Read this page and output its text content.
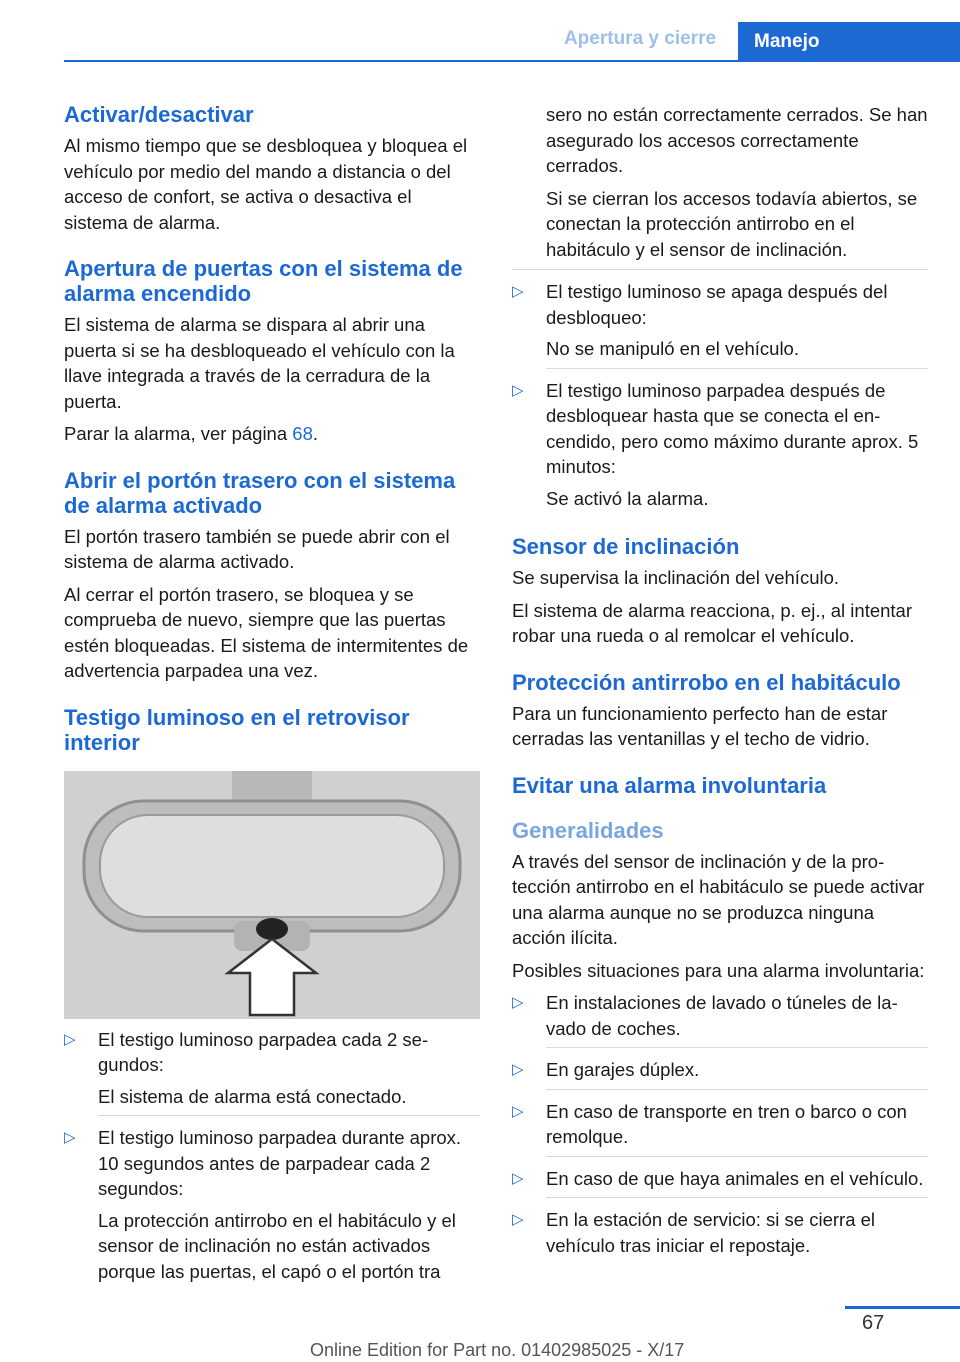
Apertura y cierre	Manejo
Activar/desactivar

Al mismo tiempo que se desbloquea y bloquea el vehículo por medio del mando a distancia o del acceso de confort, se activa o desactiva el sistema de alarma.

Apertura de puertas con el sistema de alarma encendido

El sistema de alarma se dispara al abrir una puerta si se ha desbloqueado el vehículo con la llave integrada a través de la cerradura de la puerta.

Parar la alarma, ver página 68.

Abrir el portón trasero con el sistema de alarma activado

El portón trasero también se puede abrir con el sistema de alarma activado.

Al cerrar el portón trasero, se bloquea y se comprueba de nuevo, siempre que las puertas estén bloqueadas. El sistema de intermitentes de advertencia parpadea una vez.

Testigo luminoso en el retrovisor interior
▷ El testigo luminoso parpadea cada 2 segundos:

El sistema de alarma está conectado.

▷ El testigo luminoso parpadea durante aprox. 10 segundos antes de parpadear cada 2 segundos:

La protección antirrobo en el habitáculo y el sensor de inclinación no están activados porque las puertas, el capó o el portón tra

sero no están correctamente cerrados. Se han asegurado los accesos correctamente cerrados.

Si se cierran los accesos todavía abiertos, se conectan la protección antirrobo en el habitáculo y el sensor de inclinación.

▷ El testigo luminoso se apaga después del desbloqueo:

No se manipuló en el vehículo.

▷ El testigo luminoso parpadea después de desbloquear hasta que se conecta el encendido, pero como máximo durante aprox. 5 minutos:

Se activó la alarma.

Sensor de inclinación

Se supervisa la inclinación del vehículo.

El sistema de alarma reacciona, p. ej., al intentar robar una rueda o al remolcar el vehículo.

Protección antirrobo en el habitáculo

Para un funcionamiento perfecto han de estar cerradas las ventanillas y el techo de vidrio.

Evitar una alarma involuntaria
Generalidades

A través del sensor de inclinación y de la protección antirrobo en el habitáculo se puede activar una alarma aunque no se produzca ninguna acción ilícita.

Posibles situaciones para una alarma involuntaria:

▷ En instalaciones de lavado o túneles de lavado de coches.

▷ En garajes dúplex.

▷ En caso de transporte en tren o barco o con remolque.

▷ En caso de que haya animales en el vehículo.

▷ En la estación de servicio: si se cierra el vehículo tras iniciar el repostaje.

67
Online Edition for Part no. 01402985025 - X/17
